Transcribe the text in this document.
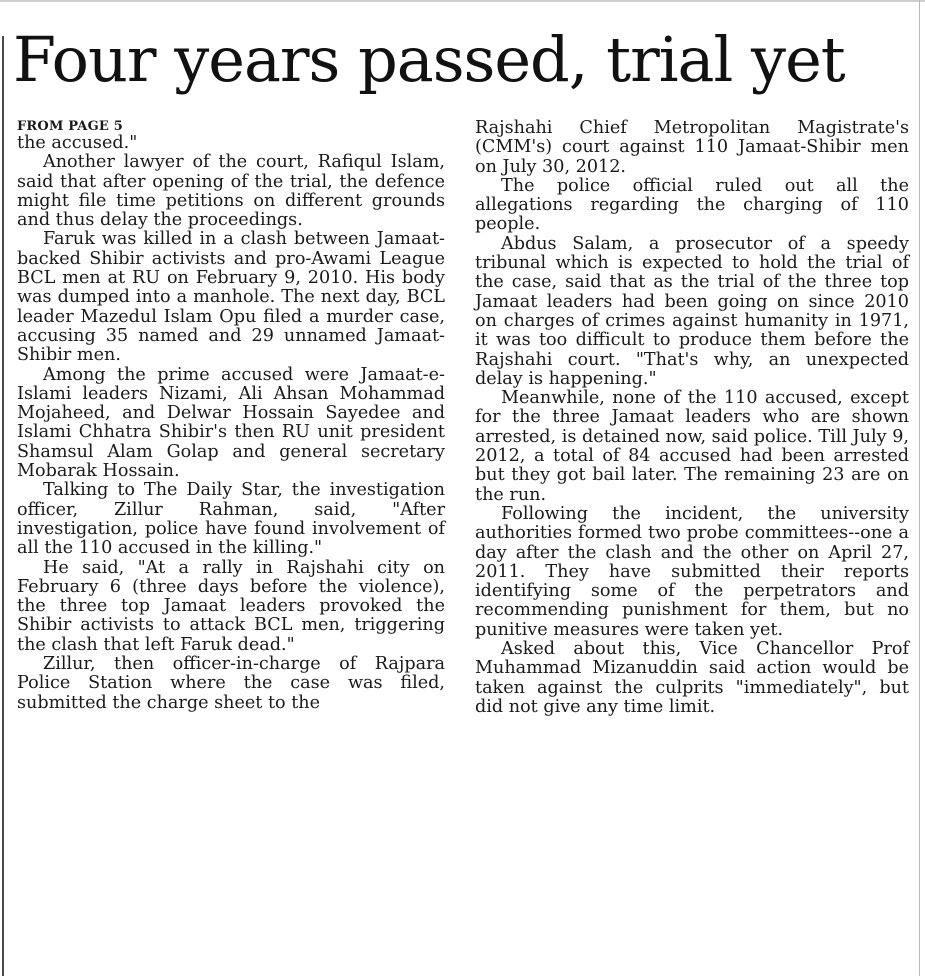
Four years passed, trial yet
FROM PAGE 5

the accused."

Another lawyer of the court, Rafiqul Islam, said that after opening of the trial, the defence might file time petitions on different grounds and thus delay the proceedings.

Faruk was killed in a clash between Jamaat-backed Shibir activists and pro-Awami League BCL men at RU on February 9, 2010. His body was dumped into a manhole. The next day, BCL leader Mazedul Islam Opu filed a murder case, accusing 35 named and 29 unnamed Jamaat-Shibir men.

Among the prime accused were Jamaat-e-Islami leaders Nizami, Ali Ahsan Mohammad Mojaheed, and Delwar Hossain Sayedee and Islami Chhatra Shibir's then RU unit president Shamsul Alam Golap and general secretary Mobarak Hossain.

Talking to The Daily Star, the investigation officer, Zillur Rahman, said, "After investigation, police have found involvement of all the 110 accused in the killing."

He said, "At a rally in Rajshahi city on February 6 (three days before the violence), the three top Jamaat leaders provoked the Shibir activists to attack BCL men, triggering the clash that left Faruk dead."

Zillur, then officer-in-charge of Rajpara Police Station where the case was filed, submitted the charge sheet to the

Rajshahi Chief Metropolitan Magistrate's (CMM's) court against 110 Jamaat-Shibir men on July 30, 2012.

The police official ruled out all the allegations regarding the charging of 110 people.

Abdus Salam, a prosecutor of a speedy tribunal which is expected to hold the trial of the case, said that as the trial of the three top Jamaat leaders had been going on since 2010 on charges of crimes against humanity in 1971, it was too difficult to produce them before the Rajshahi court. "That's why, an unexpected delay is happening."

Meanwhile, none of the 110 accused, except for the three Jamaat leaders who are shown arrested, is detained now, said police. Till July 9, 2012, a total of 84 accused had been arrested but they got bail later. The remaining 23 are on the run.

Following the incident, the university authorities formed two probe committees--one a day after the clash and the other on April 27, 2011. They have submitted their reports identifying some of the perpetrators and recommending punishment for them, but no punitive measures were taken yet.

Asked about this, Vice Chancellor Prof Muhammad Mizanuddin said action would be taken against the culprits "immediately", but did not give any time limit.
